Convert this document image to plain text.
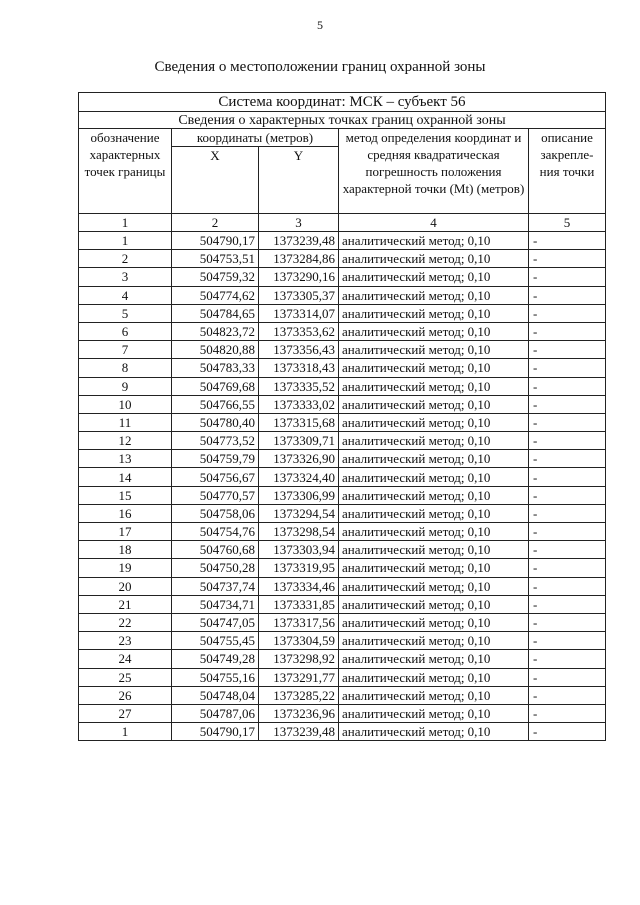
5
Сведения о местоположении границ охранной зоны
Система координат: МСК – субъект 56				
Сведения о характерных точках границ охранной зоны				
обозначение характерных точек границы	координаты (метров)		метод определения координат и средняя квадратическая погрешность положения характерной точки (Mt) (метров)	описание закрепле-ния точки
	X	Y		
1	2	3	4	5
1	504790,17	1373239,48	аналитический метод; 0,10	-
2	504753,51	1373284,86	аналитический метод; 0,10	-
3	504759,32	1373290,16	аналитический метод; 0,10	-
4	504774,62	1373305,37	аналитический метод; 0,10	-
5	504784,65	1373314,07	аналитический метод; 0,10	-
6	504823,72	1373353,62	аналитический метод; 0,10	-
7	504820,88	1373356,43	аналитический метод; 0,10	-
8	504783,33	1373318,43	аналитический метод; 0,10	-
9	504769,68	1373335,52	аналитический метод; 0,10	-
10	504766,55	1373333,02	аналитический метод; 0,10	-
11	504780,40	1373315,68	аналитический метод; 0,10	-
12	504773,52	1373309,71	аналитический метод; 0,10	-
13	504759,79	1373326,90	аналитический метод; 0,10	-
14	504756,67	1373324,40	аналитический метод; 0,10	-
15	504770,57	1373306,99	аналитический метод; 0,10	-
16	504758,06	1373294,54	аналитический метод; 0,10	-
17	504754,76	1373298,54	аналитический метод; 0,10	-
18	504760,68	1373303,94	аналитический метод; 0,10	-
19	504750,28	1373319,95	аналитический метод; 0,10	-
20	504737,74	1373334,46	аналитический метод; 0,10	-
21	504734,71	1373331,85	аналитический метод; 0,10	-
22	504747,05	1373317,56	аналитический метод; 0,10	-
23	504755,45	1373304,59	аналитический метод; 0,10	-
24	504749,28	1373298,92	аналитический метод; 0,10	-
25	504755,16	1373291,77	аналитический метод; 0,10	-
26	504748,04	1373285,22	аналитический метод; 0,10	-
27	504787,06	1373236,96	аналитический метод; 0,10	-
1	504790,17	1373239,48	аналитический метод; 0,10	-
